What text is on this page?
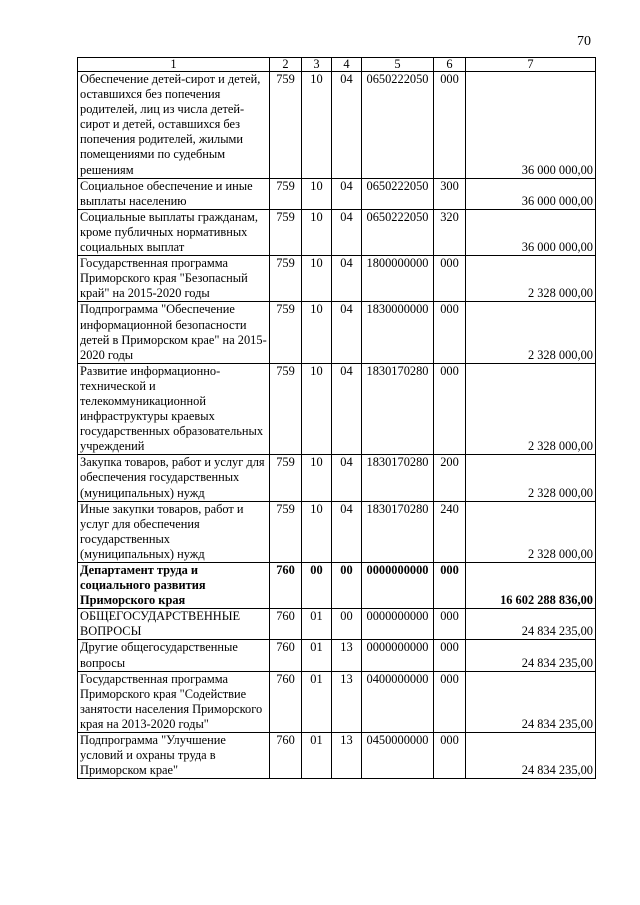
70
1	2	3	4	5	6	7
Обеспечение детей-сирот и детей, оставшихся без попечения родителей, лиц из числа детей-сирот и детей, оставшихся без попечения родителей, жилыми помещениями по судебным решениям	759	10	04	0650222050	000	36 000 000,00
Социальное обеспечение и иные выплаты населению	759	10	04	0650222050	300	36 000 000,00
Социальные выплаты гражданам, кроме публичных нормативных социальных выплат	759	10	04	0650222050	320	36 000 000,00
Государственная программа Приморского края "Безопасный край" на 2015-2020 годы	759	10	04	1800000000	000	2 328 000,00
Подпрограмма "Обеспечение информационной безопасности детей в Приморском крае" на 2015-2020 годы	759	10	04	1830000000	000	2 328 000,00
Развитие информационно-технической и телекоммуникационной инфраструктуры краевых государственных образовательных учреждений	759	10	04	1830170280	000	2 328 000,00
Закупка товаров, работ и услуг для обеспечения государственных (муниципальных) нужд	759	10	04	1830170280	200	2 328 000,00
Иные закупки товаров, работ и услуг для обеспечения государственных (муниципальных) нужд	759	10	04	1830170280	240	2 328 000,00
Департамент труда и социального развития Приморского края	760	00	00	0000000000	000	16 602 288 836,00
ОБЩЕГОСУДАРСТВЕННЫЕ ВОПРОСЫ	760	01	00	0000000000	000	24 834 235,00
Другие общегосударственные вопросы	760	01	13	0000000000	000	24 834 235,00
Государственная программа Приморского края "Содействие занятости населения Приморского края на 2013-2020 годы"	760	01	13	0400000000	000	24 834 235,00
Подпрограмма "Улучшение условий и охраны труда в Приморском крае"	760	01	13	0450000000	000	24 834 235,00
